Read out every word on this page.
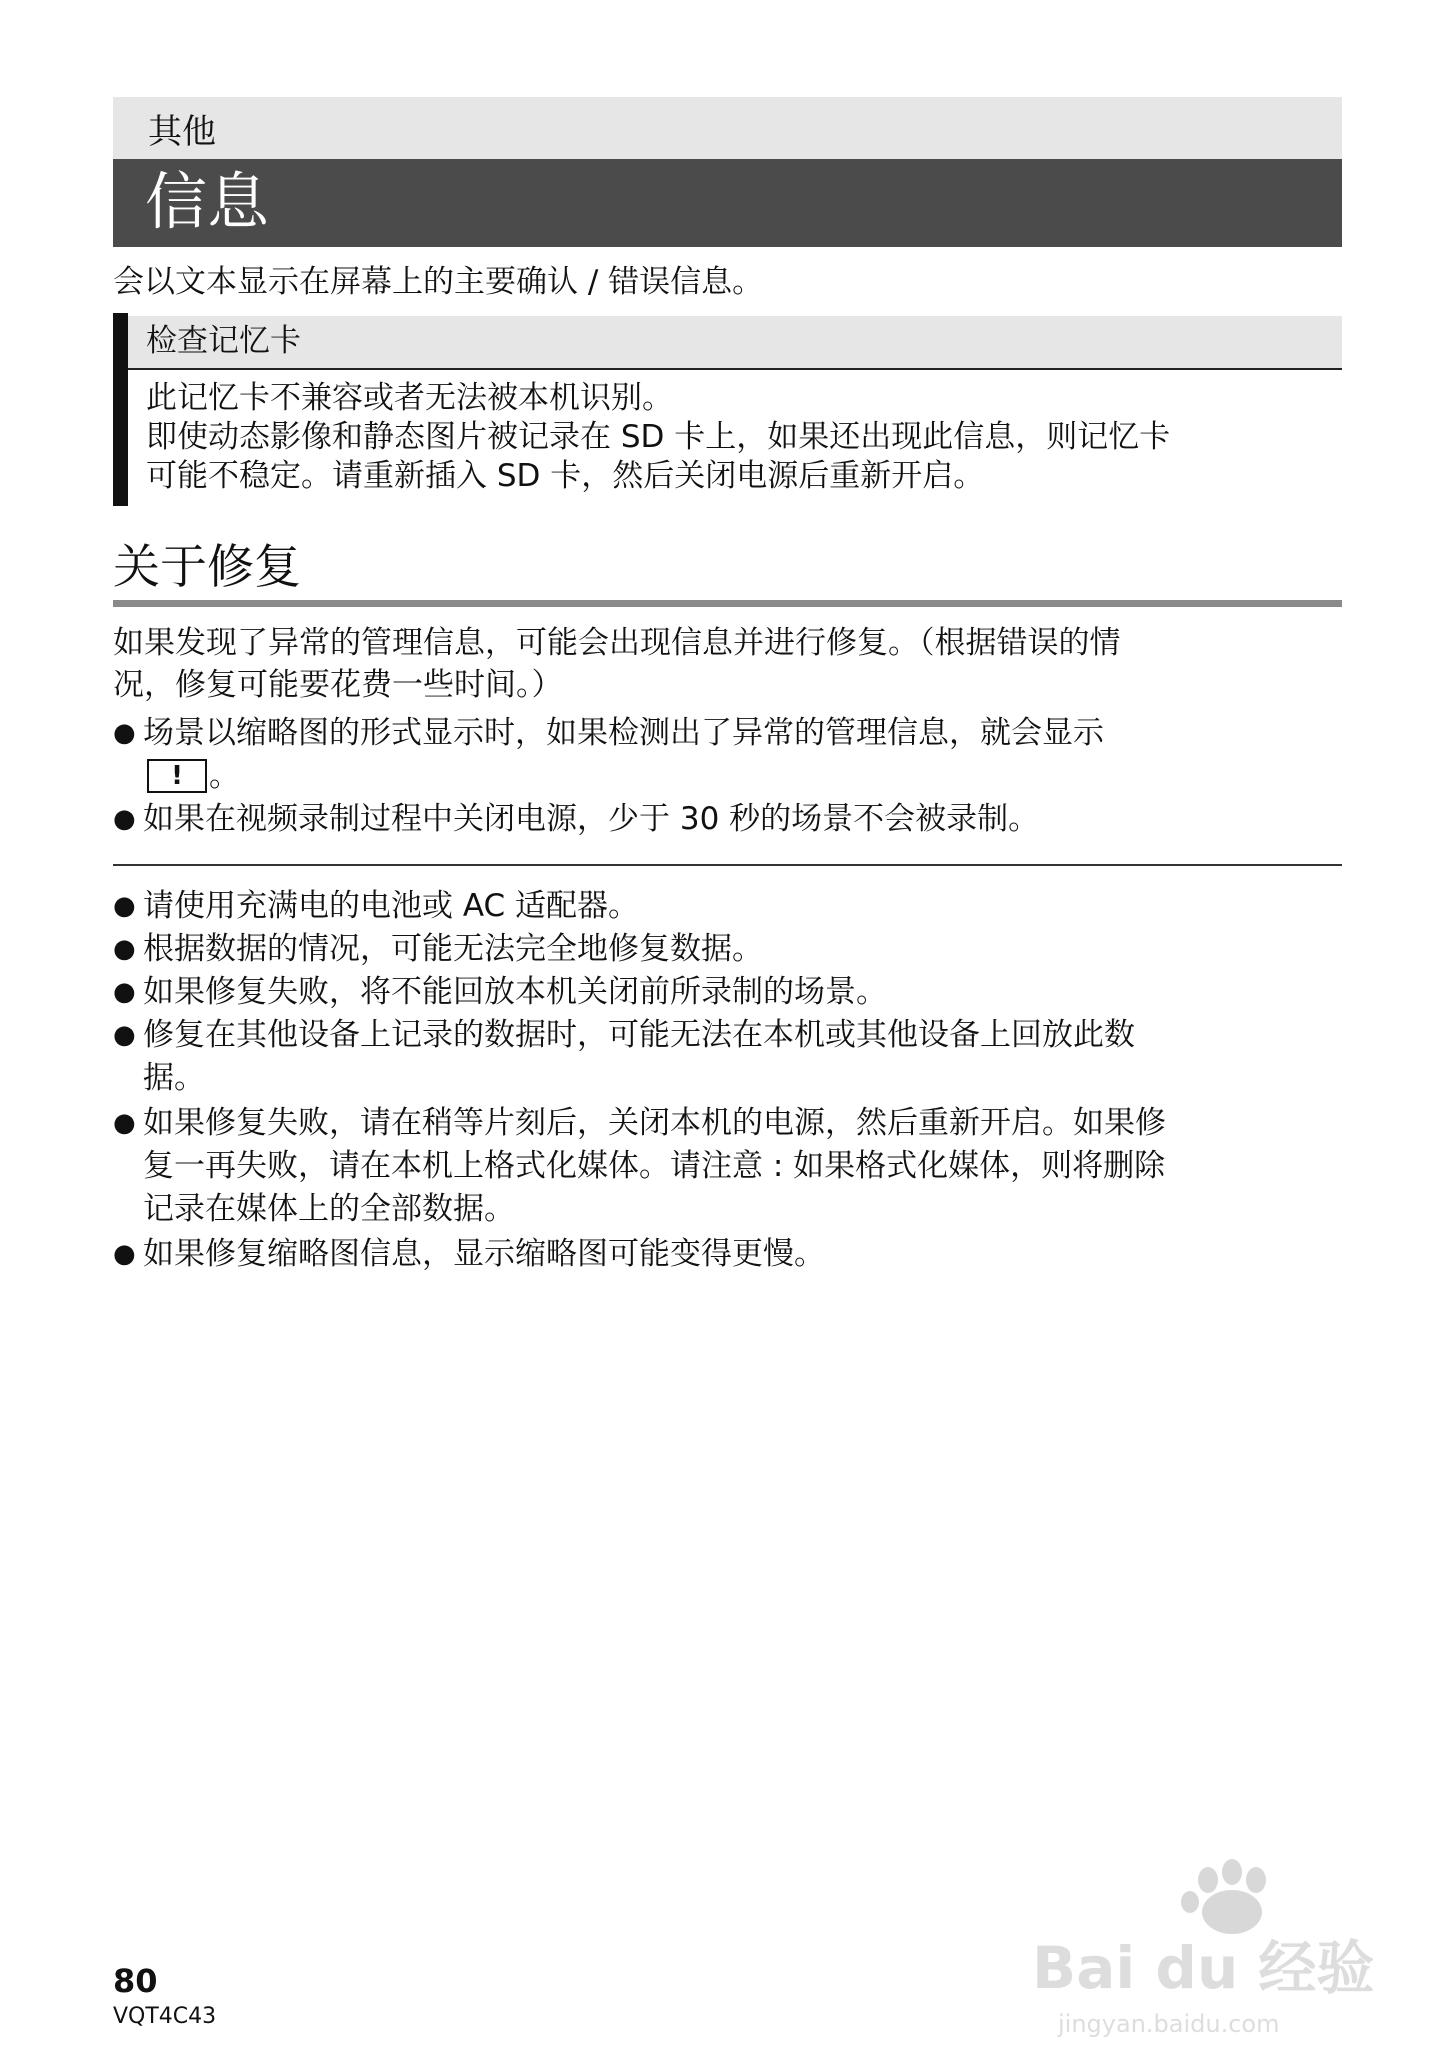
其他
信息
会以文本显示在屏幕上的主要确认 / 错误信息。
检查记忆卡
此记忆卡不兼容或者无法被本机识别。
即使动态影像和静态图片被记录在 SD 卡上，如果还出现此信息，则记忆卡
可能不稳定。请重新插入 SD 卡，然后关闭电源后重新开启。
关于修复
如果发现了异常的管理信息，可能会出现信息并进行修复。（根据错误的情
况，修复可能要花费一些时间。）
● 场景以缩略图的形式显示时，如果检测出了异常的管理信息，就会显示
! 。
● 如果在视频录制过程中关闭电源，少于 30 秒的场景不会被录制。
● 请使用充满电的电池或 AC 适配器。
● 根据数据的情况，可能无法完全地修复数据。
● 如果修复失败，将不能回放本机关闭前所录制的场景。
● 修复在其他设备上记录的数据时，可能无法在本机或其他设备上回放此数
据。
● 如果修复失败，请在稍等片刻后，关闭本机的电源，然后重新开启。如果修
复一再失败，请在本机上格式化媒体。请注意 : 如果格式化媒体，则将删除
记录在媒体上的全部数据。
● 如果修复缩略图信息，显示缩略图可能变得更慢。
80
VQT4C43
Bai du 经验
jingyan.baidu.com
